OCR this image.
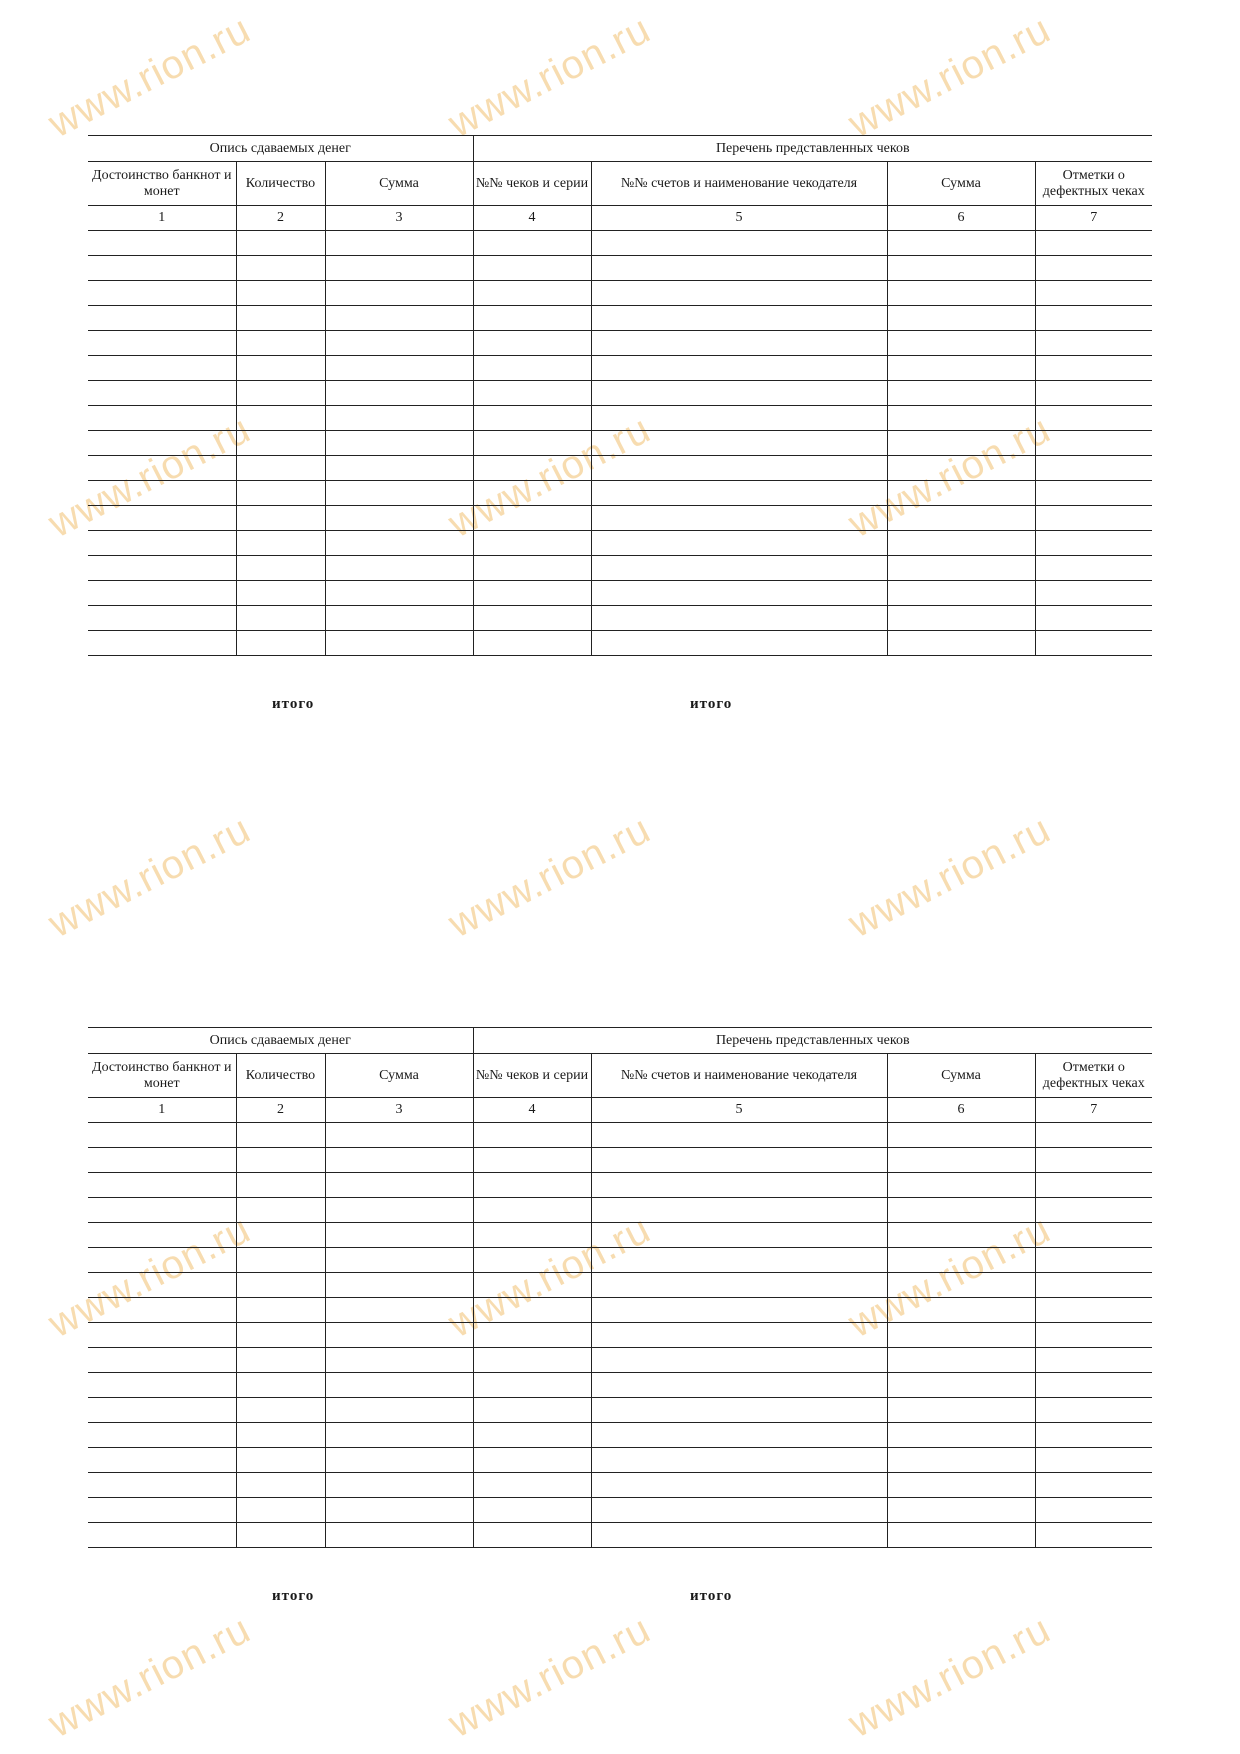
www.rion.ru	www.rion.ru	www.rion.ru
www.rion.ru	www.rion.ru	www.rion.ru
www.rion.ru	www.rion.ru	www.rion.ru
www.rion.ru	www.rion.ru	www.rion.ru
www.rion.ru	www.rion.ru	www.rion.ru
Опись сдаваемых денег			Перечень представленных чеков			
Достоинство банкнот и монет	Количество	Сумма	№№ чеков и серии	№№ счетов и наименование чекодателя	Сумма	Отметки о дефектных чеках
1	2	3	4	5	6	7

итого	итого
Опись сдаваемых денег			Перечень представленных чеков			
Достоинство банкнот и монет	Количество	Сумма	№№ чеков и серии	№№ счетов и наименование чекодателя	Сумма	Отметки о дефектных чеках
1	2	3	4	5	6	7

итого	итого
